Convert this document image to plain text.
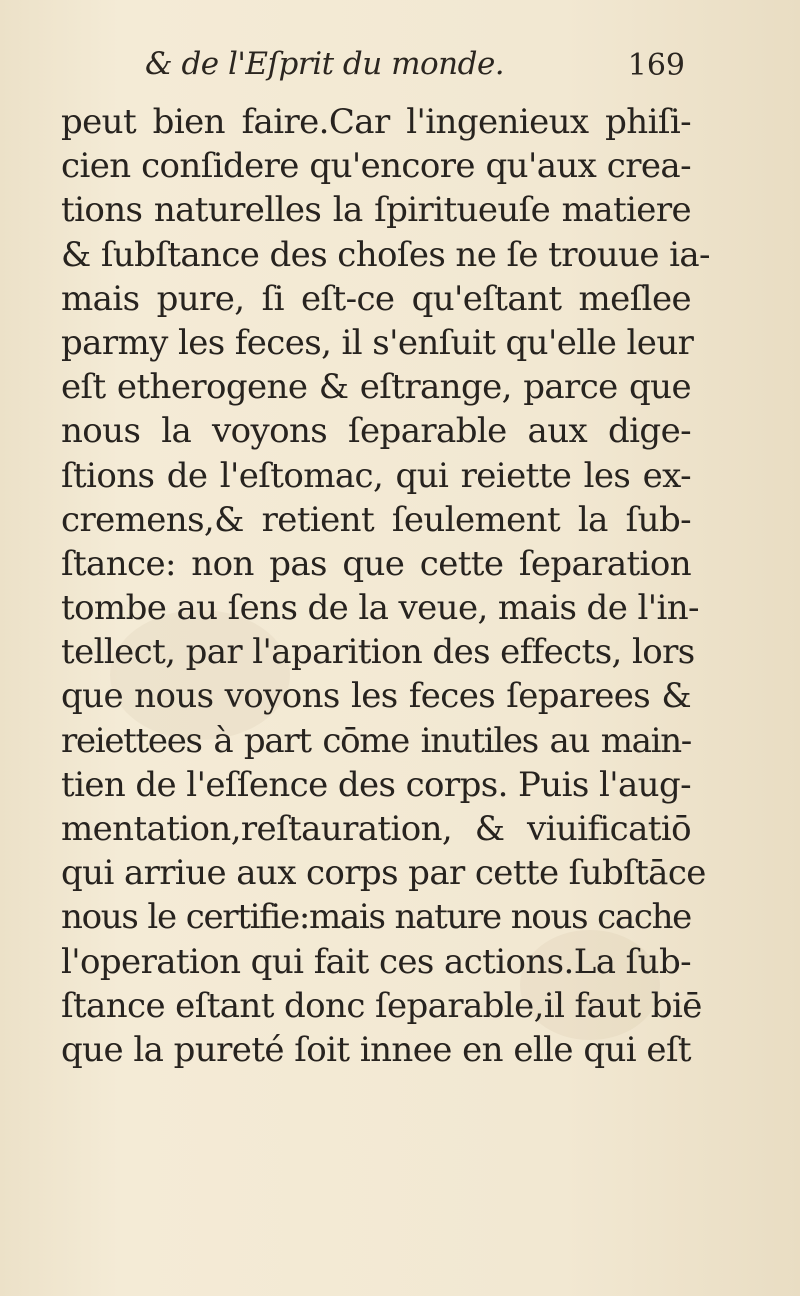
& de l'Eſprit du monde.	169
peut bien faire.Car l'ingenieux phiſi-
cien conſidere qu'encore qu'aux crea-
tions naturelles la ſpiritueuſe matiere
& ſubſtance des choſes ne ſe trouue ia-
mais pure, ſi eſt-ce qu'eſtant meſlee
parmy les feces, il s'enſuit qu'elle leur
eſt etherogene & eſtrange, parce que
nous la voyons ſeparable aux dige-
ſtions de l'eſtomac, qui reiette les ex-
cremens,& retient ſeulement la ſub-
ſtance: non pas que cette ſeparation
tombe au ſens de la veue, mais de l'in-
tellect, par l'aparition des effects, lors
que nous voyons les feces ſeparees &
reiettees à part cōme inutiles au main-
tien de l'eſſence des corps. Puis l'aug-
mentation,reſtauration, & viuificatiō
qui arriue aux corps par cette ſubſtāce
nous le certifie:mais nature nous cache
l'operation qui fait ces actions.La ſub-
ſtance eſtant donc ſeparable,il faut biē
que la pureté ſoit innee en elle qui eſt
